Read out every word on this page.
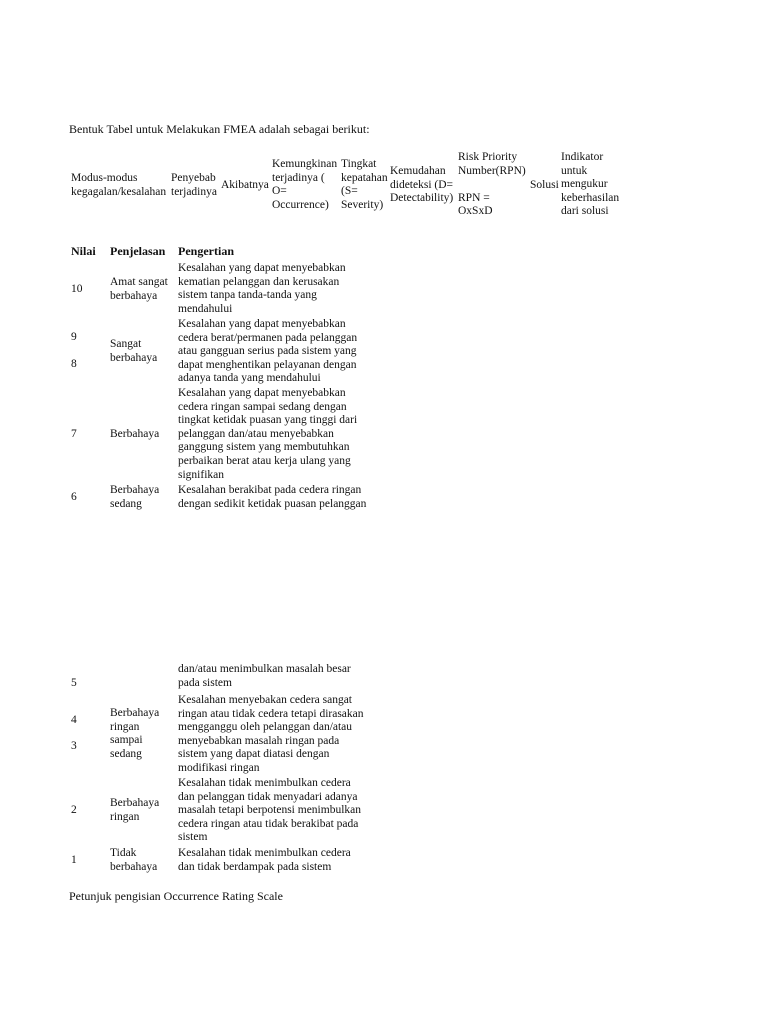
Bentuk Tabel untuk Melakukan FMEA adalah sebagai berikut:
Modus-modus
kegagalan/kesalahan
Penyebab
terjadinya
Akibatnya
Kemungkinan
terjadinya (
O=
Occurrence)
Tingkat
kepatahan
(S=
Severity)
Kemudahan
dideteksi (D=
Detectability)
Risk Priority
Number(RPN)

RPN =
OxSxD
Solusi
Indikator
untuk
mengukur
keberhasilan
dari solusi
Nilai Penjelasan Pengertian
10
Amat sangat
berbahaya
Kesalahan yang dapat menyebabkan
kematian pelanggan dan kerusakan
sistem tanpa tanda-tanda yang
mendahului
9
8
Sangat
berbahaya
Kesalahan yang dapat menyebabkan
cedera berat/permanen pada pelanggan
atau gangguan serius pada sistem yang
dapat menghentikan pelayanan dengan
adanya tanda yang mendahului
7	Berbahaya
Kesalahan yang dapat menyebabkan
cedera ringan sampai sedang dengan
tingkat ketidak puasan yang tinggi dari
pelanggan dan/atau menyebabkan
ganggung sistem yang membutuhkan
perbaikan berat atau kerja ulang yang
signifikan
6
Berbahaya
sedang
Kesalahan berakibat pada cedera ringan
dengan sedikit ketidak puasan pelanggan
5
dan/atau menimbulkan masalah besar
pada sistem
4
3
Berbahaya
ringan
sampai
sedang
Kesalahan menyebakan cedera sangat
ringan atau tidak cedera tetapi dirasakan
mengganggu oleh pelanggan dan/atau
menyebabkan masalah ringan pada
sistem yang dapat diatasi dengan
modifikasi ringan
2
Berbahaya
ringan
Kesalahan tidak menimbulkan cedera
dan pelanggan tidak menyadari adanya
masalah tetapi berpotensi menimbulkan
cedera ringan atau tidak berakibat pada
sistem
1
Tidak
berbahaya
Kesalahan tidak menimbulkan cedera
dan tidak berdampak pada sistem
Petunjuk pengisian Occurrence Rating Scale
